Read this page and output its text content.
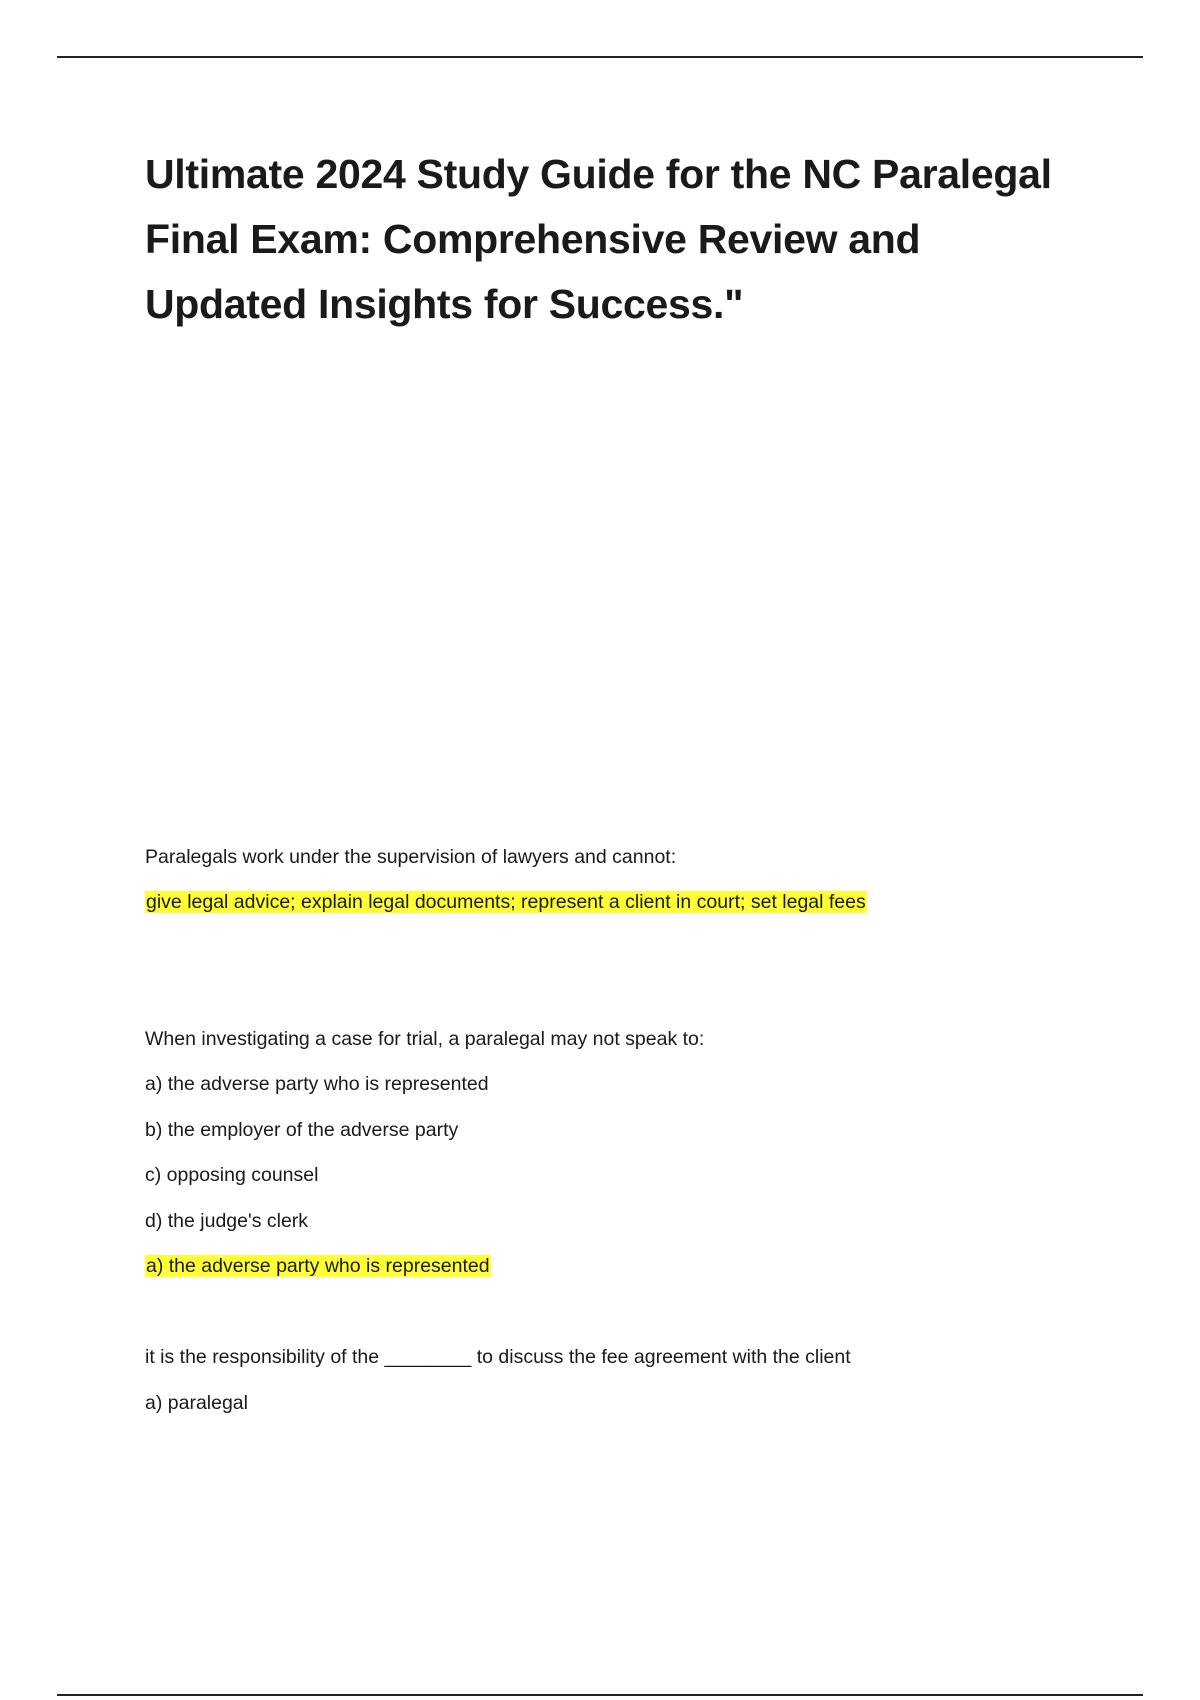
Ultimate 2024 Study Guide for the NC Paralegal Final Exam: Comprehensive Review and Updated Insights for Success."

Paralegals work under the supervision of lawyers and cannot:

give legal advice; explain legal documents; represent a client in court; set legal fees

When investigating a case for trial, a paralegal may not speak to:

a) the adverse party who is represented

b) the employer of the adverse party

c) opposing counsel

d) the judge's clerk

a) the adverse party who is represented

it is the responsibility of the ________ to discuss the fee agreement with the client

a) paralegal
